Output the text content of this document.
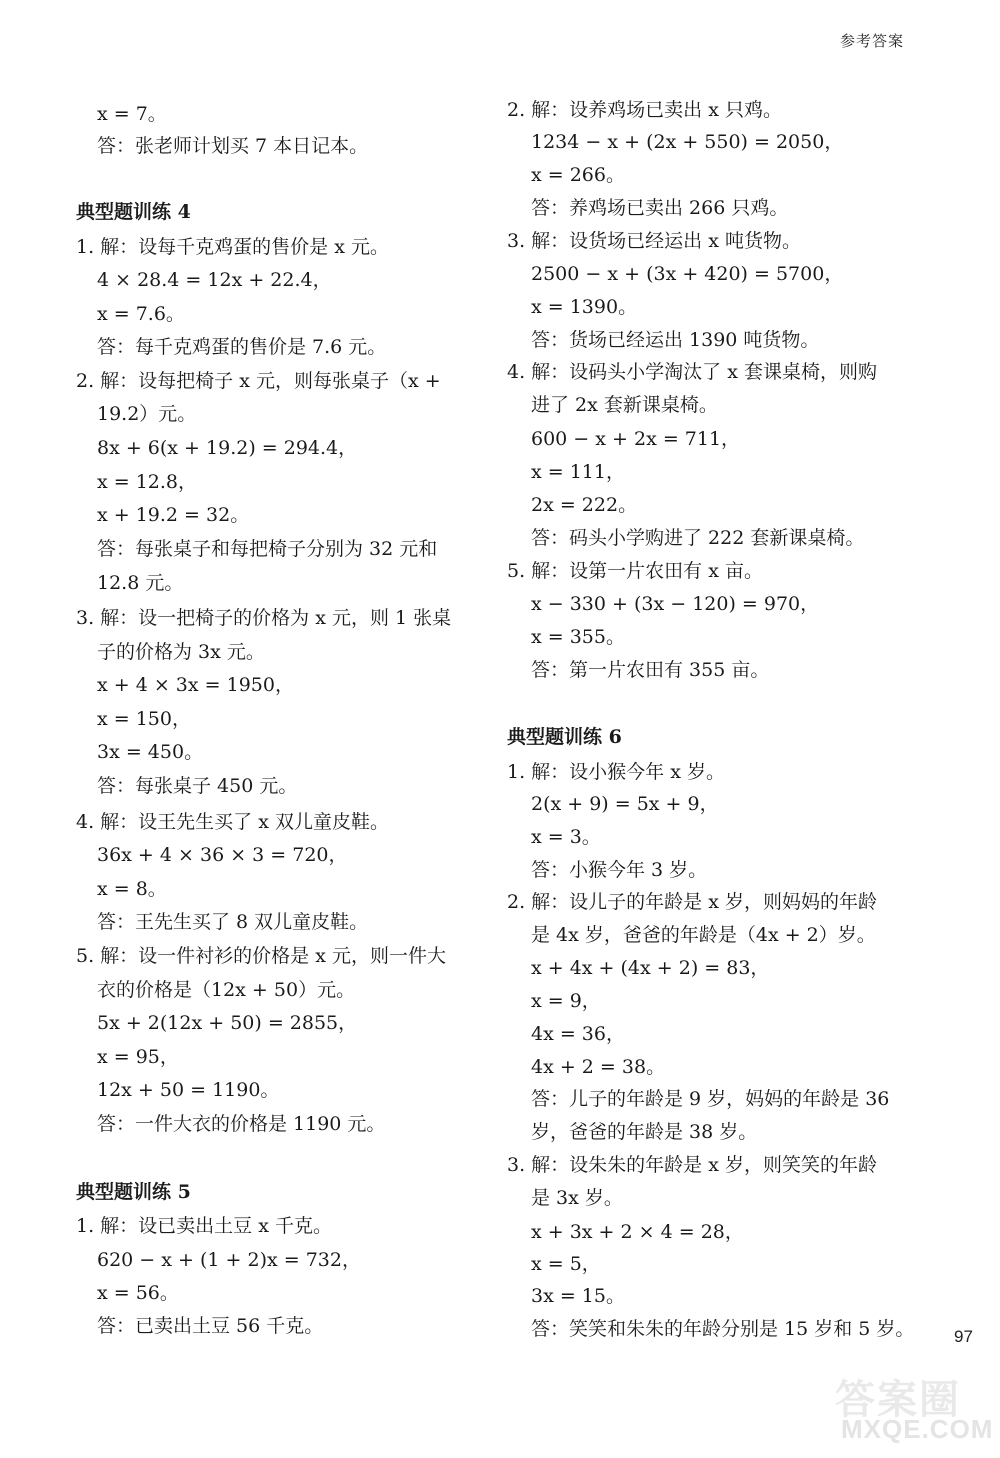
参考答案
x = 7。
答：张老师计划买 7 本日记本。
典型题训练 4
1. 解：设每千克鸡蛋的售价是 x 元。
4 × 28.4 = 12x + 22.4，
x = 7.6。
答：每千克鸡蛋的售价是 7.6 元。
2. 解：设每把椅子 x 元，则每张桌子（x +
19.2）元。
8x + 6(x + 19.2) = 294.4，
x = 12.8，
x + 19.2 = 32。
答：每张桌子和每把椅子分别为 32 元和
12.8 元。
3. 解：设一把椅子的价格为 x 元，则 1 张桌
子的价格为 3x 元。
x + 4 × 3x = 1950，
x = 150，
3x = 450。
答：每张桌子 450 元。
4. 解：设王先生买了 x 双儿童皮鞋。
36x + 4 × 36 × 3 = 720，
x = 8。
答：王先生买了 8 双儿童皮鞋。
5. 解：设一件衬衫的价格是 x 元，则一件大
衣的价格是（12x + 50）元。
5x + 2(12x + 50) = 2855，
x = 95，
12x + 50 = 1190。
答：一件大衣的价格是 1190 元。
典型题训练 5
1. 解：设已卖出土豆 x 千克。
620 − x + (1 + 2)x = 732，
x = 56。
答：已卖出土豆 56 千克。
2. 解：设养鸡场已卖出 x 只鸡。
1234 − x + (2x + 550) = 2050，
x = 266。
答：养鸡场已卖出 266 只鸡。
3. 解：设货场已经运出 x 吨货物。
2500 − x + (3x + 420) = 5700，
x = 1390。
答：货场已经运出 1390 吨货物。
4. 解：设码头小学淘汰了 x 套课桌椅，则购
进了 2x 套新课桌椅。
600 − x + 2x = 711，
x = 111，
2x = 222。
答：码头小学购进了 222 套新课桌椅。
5. 解：设第一片农田有 x 亩。
x − 330 + (3x − 120) = 970，
x = 355。
答：第一片农田有 355 亩。
典型题训练 6
1. 解：设小猴今年 x 岁。
2(x + 9) = 5x + 9，
x = 3。
答：小猴今年 3 岁。
2. 解：设儿子的年龄是 x 岁，则妈妈的年龄
是 4x 岁，爸爸的年龄是（4x + 2）岁。
x + 4x + (4x + 2) = 83，
x = 9，
4x = 36，
4x + 2 = 38。
答：儿子的年龄是 9 岁，妈妈的年龄是 36
岁，爸爸的年龄是 38 岁。
3. 解：设朱朱的年龄是 x 岁，则笑笑的年龄
是 3x 岁。
x + 3x + 2 × 4 = 28，
x = 5，
3x = 15。
答：笑笑和朱朱的年龄分别是 15 岁和 5 岁。 97
答案圈
MXQE.COM
